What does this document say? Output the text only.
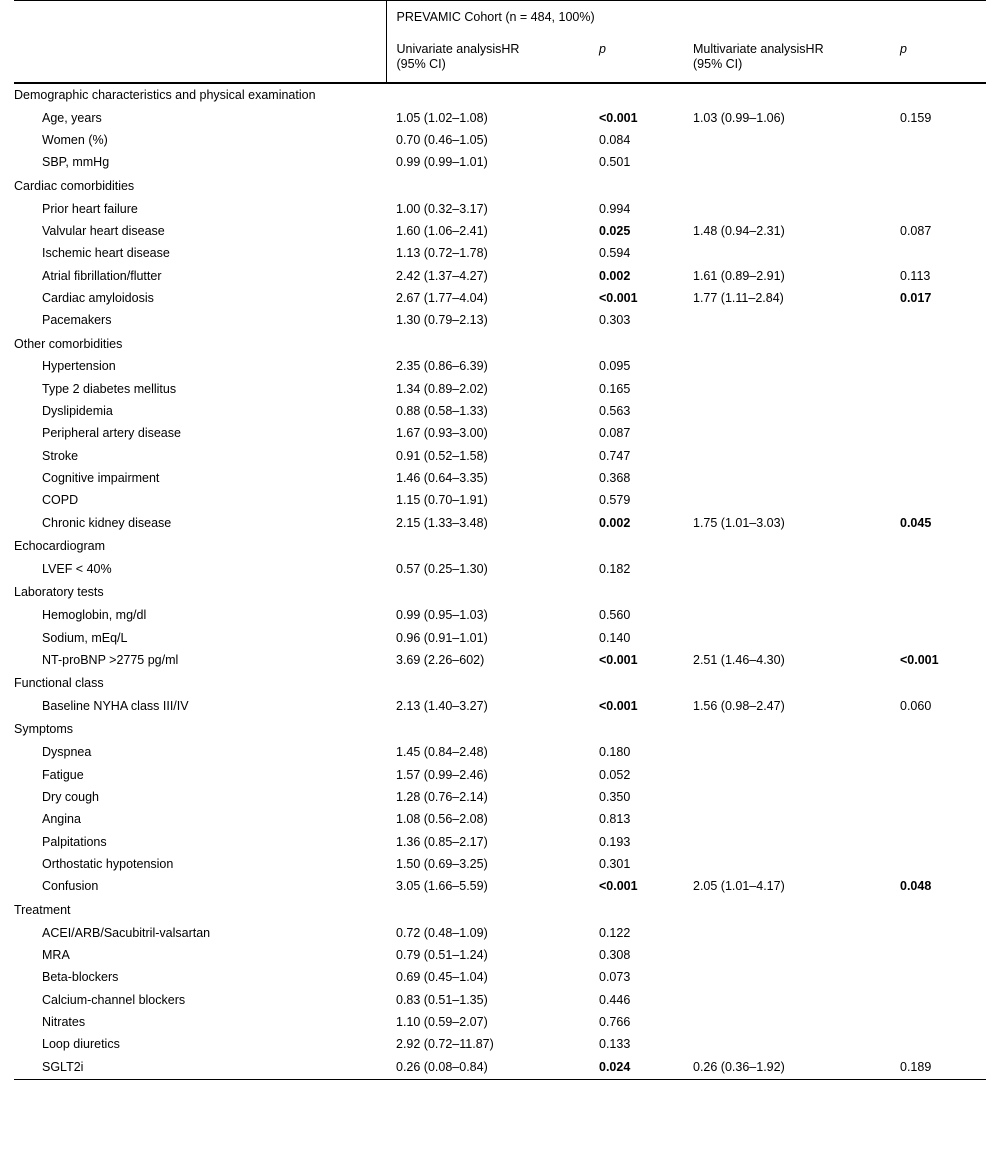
	PREVAMIC Cohort (n = 484, 100%)			
	Univariate analysisHR
(95% CI)	p	Multivariate analysisHR
(95% CI)	p

Demographic characteristics and physical examination				
Age, years	1.05 (1.02–1.08)	<0.001	1.03 (0.99–1.06)	0.159
Women (%)	0.70 (0.46–1.05)	0.084		
SBP, mmHg	0.99 (0.99–1.01)	0.501		
Cardiac comorbidities				
Prior heart failure	1.00 (0.32–3.17)	0.994		
Valvular heart disease	1.60 (1.06–2.41)	0.025	1.48 (0.94–2.31)	0.087
Ischemic heart disease	1.13 (0.72–1.78)	0.594		
Atrial fibrillation/flutter	2.42 (1.37–4.27)	0.002	1.61 (0.89–2.91)	0.113
Cardiac amyloidosis	2.67 (1.77–4.04)	<0.001	1.77 (1.11–2.84)	0.017
Pacemakers	1.30 (0.79–2.13)	0.303		
Other comorbidities				
Hypertension	2.35 (0.86–6.39)	0.095		
Type 2 diabetes mellitus	1.34 (0.89–2.02)	0.165		
Dyslipidemia	0.88 (0.58–1.33)	0.563		
Peripheral artery disease	1.67 (0.93–3.00)	0.087		
Stroke	0.91 (0.52–1.58)	0.747		
Cognitive impairment	1.46 (0.64–3.35)	0.368		
COPD	1.15 (0.70–1.91)	0.579		
Chronic kidney disease	2.15 (1.33–3.48)	0.002	1.75 (1.01–3.03)	0.045
Echocardiogram				
LVEF < 40%	0.57 (0.25–1.30)	0.182		
Laboratory tests				
Hemoglobin, mg/dl	0.99 (0.95–1.03)	0.560		
Sodium, mEq/L	0.96 (0.91–1.01)	0.140		
NT-proBNP >2775 pg/ml	3.69 (2.26–602)	<0.001	2.51 (1.46–4.30)	<0.001
Functional class				
Baseline NYHA class III/IV	2.13 (1.40–3.27)	<0.001	1.56 (0.98–2.47)	0.060
Symptoms				
Dyspnea	1.45 (0.84–2.48)	0.180		
Fatigue	1.57 (0.99–2.46)	0.052		
Dry cough	1.28 (0.76–2.14)	0.350		
Angina	1.08 (0.56–2.08)	0.813		
Palpitations	1.36 (0.85–2.17)	0.193		
Orthostatic hypotension	1.50 (0.69–3.25)	0.301		
Confusion	3.05 (1.66–5.59)	<0.001	2.05 (1.01–4.17)	0.048
Treatment				
ACEI/ARB/Sacubitril-valsartan	0.72 (0.48–1.09)	0.122		
MRA	0.79 (0.51–1.24)	0.308		
Beta-blockers	0.69 (0.45–1.04)	0.073		
Calcium-channel blockers	0.83 (0.51–1.35)	0.446		
Nitrates	1.10 (0.59–2.07)	0.766		
Loop diuretics	2.92 (0.72–11.87)	0.133		
SGLT2i	0.26 (0.08–0.84)	0.024	0.26 (0.36–1.92)	0.189
